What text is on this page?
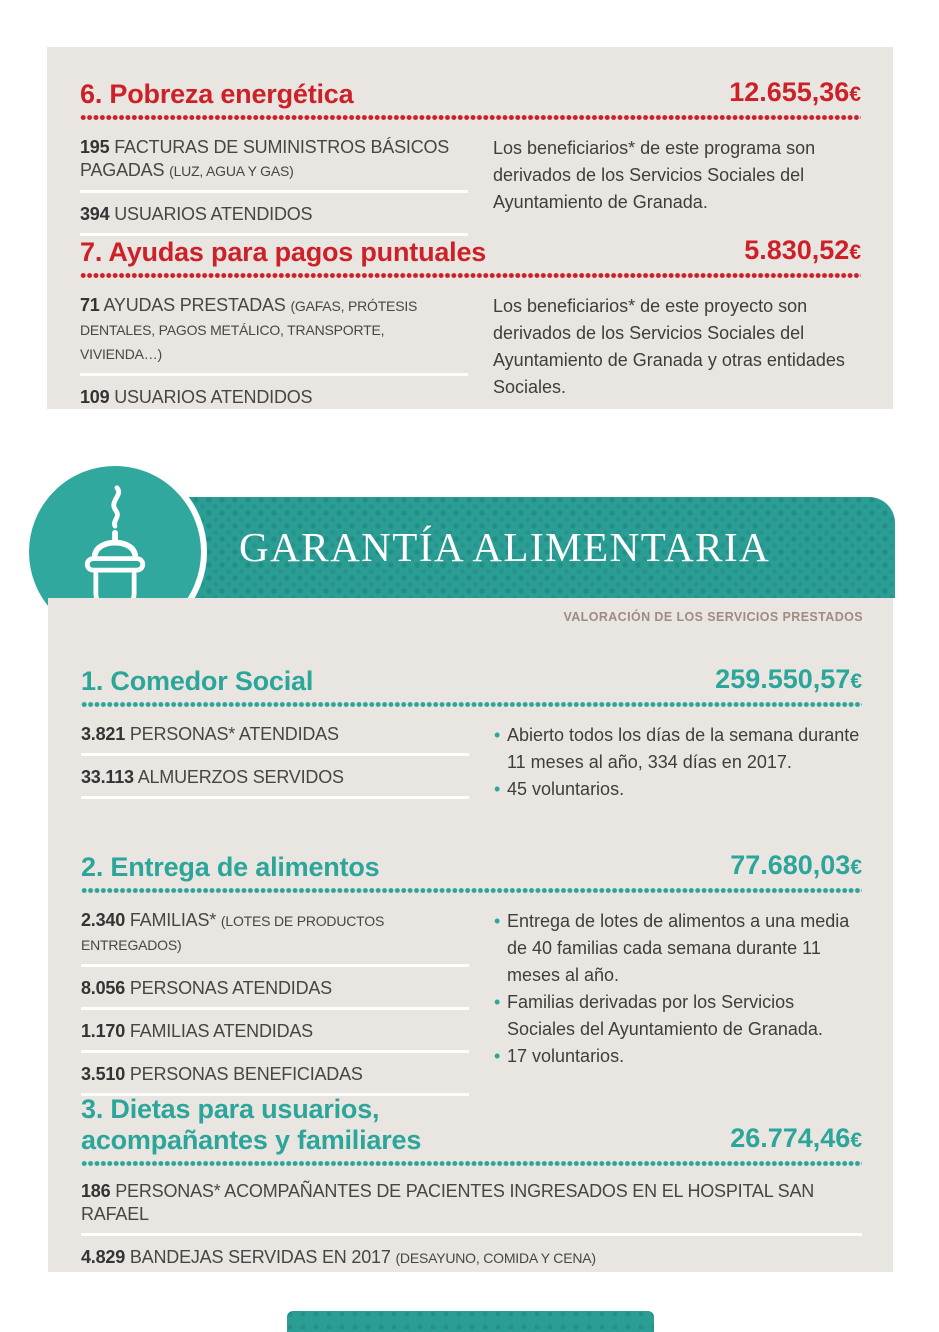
6. Pobreza energética	12.655,36€
195 FACTURAS DE SUMINISTROS BÁSICOS PAGADAS (LUZ, AGUA Y GAS)
394 USUARIOS ATENDIDOS

Los beneficiarios* de este programa son derivados de los Servicios Sociales del Ayuntamiento de Granada.

7. Ayudas para pagos puntuales	5.830,52€
71 AYUDAS PRESTADAS (GAFAS, PRÓTESIS DENTALES, PAGOS METÁLICO, TRANSPORTE, VIVIENDA…)
109 USUARIOS ATENDIDOS

Los beneficiarios* de este proyecto son derivados de los Servicios Sociales del Ayuntamiento de Granada y otras entidades Sociales.

GARANTÍA ALIMENTARIA
VALORACIÓN DE LOS SERVICIOS PRESTADOS
1. Comedor Social	259.550,57€
3.821 PERSONAS* ATENDIDAS
33.113 ALMUERZOS SERVIDOS
• Abierto todos los días de la semana durante 11 meses al año, 334 días en 2017.
• 45 voluntarios.
2. Entrega de alimentos	77.680,03€
2.340 FAMILIAS* (LOTES DE PRODUCTOS ENTREGADOS)
8.056 PERSONAS ATENDIDAS
1.170 FAMILIAS ATENDIDAS
3.510 PERSONAS BENEFICIADAS
• Entrega de lotes de alimentos a una media de 40 familias cada semana durante 11 meses al año.
• Familias derivadas por los Servicios Sociales del Ayuntamiento de Granada.
• 17 voluntarios.
3. Dietas para usuarios,
acompañantes y familiares	26.774,46€
186 PERSONAS* ACOMPAÑANTES DE PACIENTES INGRESADOS EN EL HOSPITAL SAN RAFAEL
4.829 BANDEJAS SERVIDAS EN 2017 (DESAYUNO, COMIDA Y CENA)
